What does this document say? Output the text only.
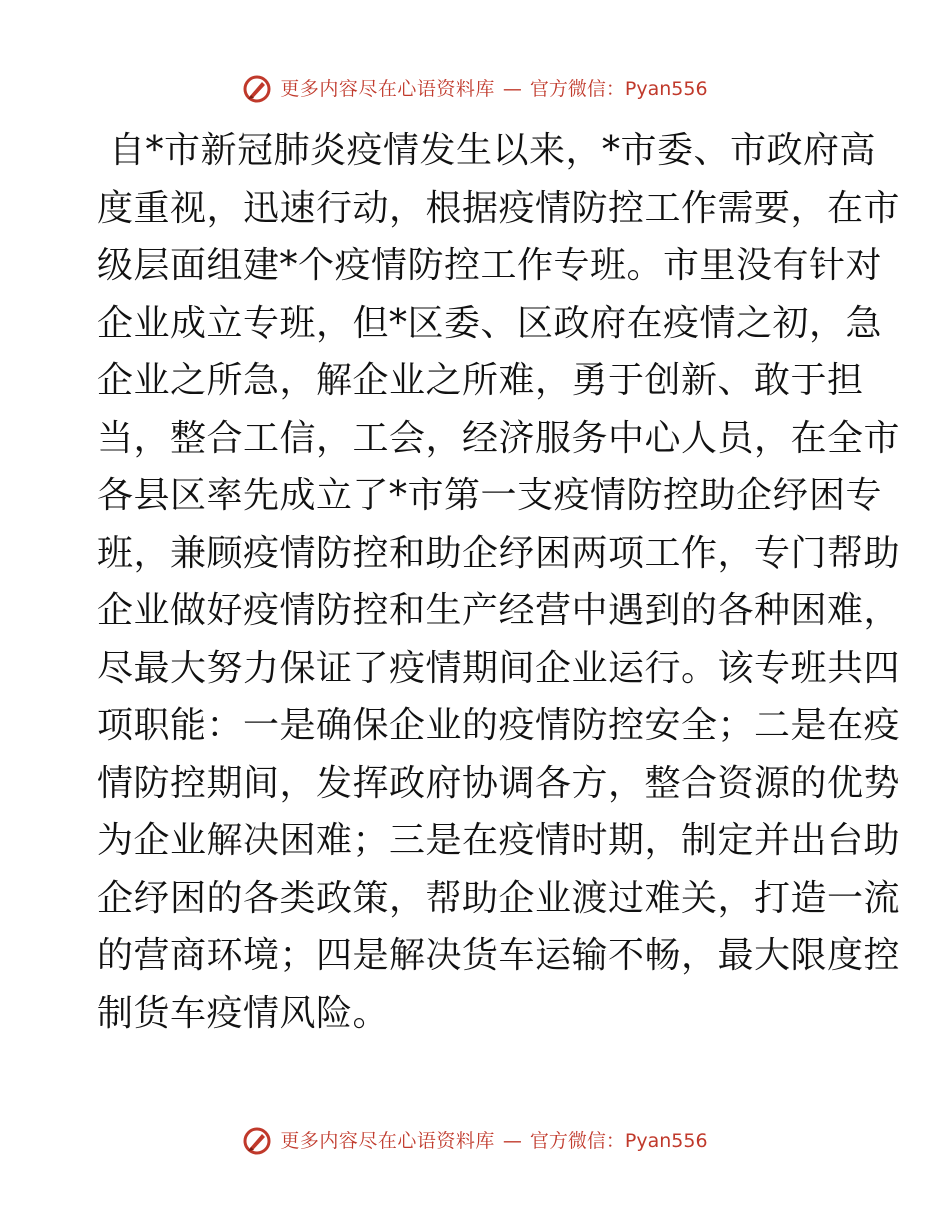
更多内容尽在心语资料库 — 官方微信：Pyan556
自*市新冠肺炎疫情发生以来，*市委、市政府高
度重视，迅速行动，根据疫情防控工作需要，在市
级层面组建*个疫情防控工作专班。市里没有针对
企业成立专班，但*区委、区政府在疫情之初，急
企业之所急，解企业之所难，勇于创新、敢于担
当，整合工信，工会，经济服务中心人员，在全市
各县区率先成立了*市第一支疫情防控助企纾困专
班，兼顾疫情防控和助企纾困两项工作，专门帮助
企业做好疫情防控和生产经营中遇到的各种困难，
尽最大努力保证了疫情期间企业运行。该专班共四
项职能：一是确保企业的疫情防控安全；二是在疫
情防控期间，发挥政府协调各方，整合资源的优势
为企业解决困难；三是在疫情时期，制定并出台助
企纾困的各类政策，帮助企业渡过难关，打造一流
的营商环境；四是解决货车运输不畅，最大限度控
制货车疫情风险。
更多内容尽在心语资料库 — 官方微信：Pyan556
